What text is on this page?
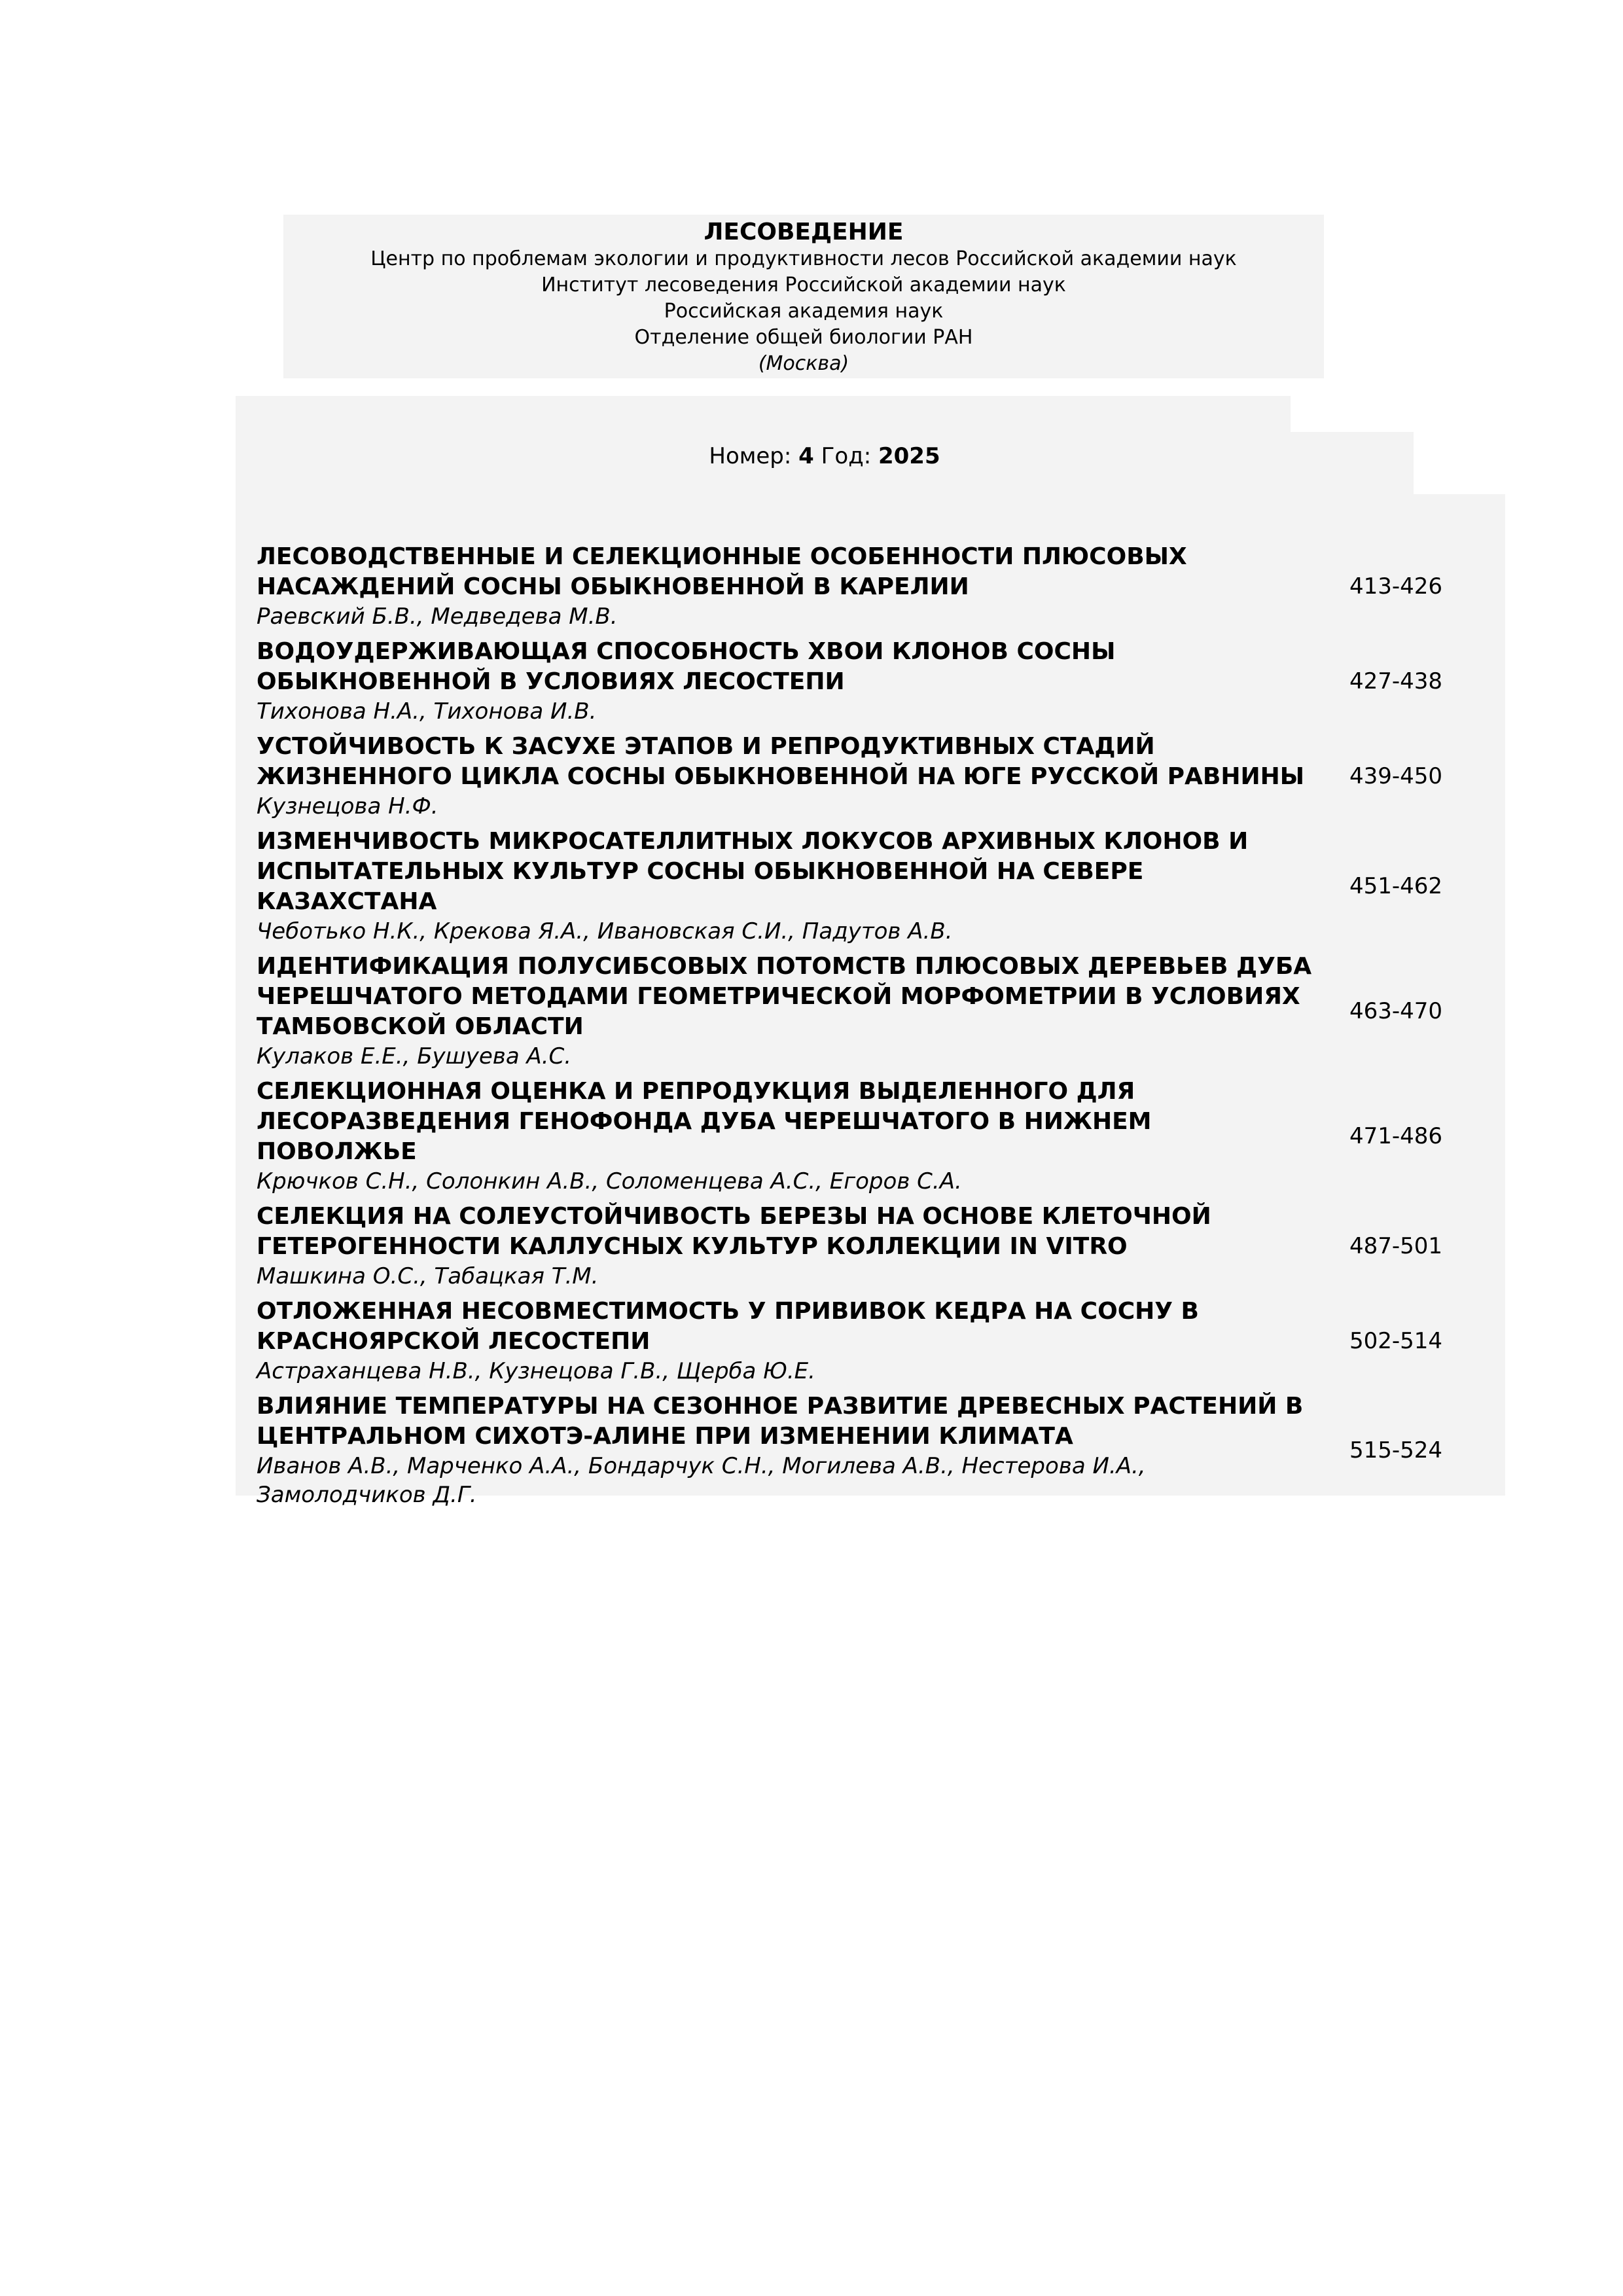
ЛЕСОВЕДЕНИЕ
Центр по проблемам экологии и продуктивности лесов Российской академии наук
Институт лесоведения Российской академии наук
Российская академия наук
Отделение общей биологии РАН
(Москва)
Номер: 4 Год: 2025
ЛЕСОВОДСТВЕННЫЕ И СЕЛЕКЦИОННЫЕ ОСОБЕННОСТИ ПЛЮСОВЫХ НАСАЖДЕНИЙ СОСНЫ ОБЫКНОВЕННОЙ В КАРЕЛИИ
Раевский Б.В., Медведева М.В.
413-426
ВОДОУДЕРЖИВАЮЩАЯ СПОСОБНОСТЬ ХВОИ КЛОНОВ СОСНЫ ОБЫКНОВЕННОЙ В УСЛОВИЯХ ЛЕСОСТЕПИ
Тихонова Н.А., Тихонова И.В.
427-438
УСТОЙЧИВОСТЬ К ЗАСУХЕ ЭТАПОВ И РЕПРОДУКТИВНЫХ СТАДИЙ ЖИЗНЕННОГО ЦИКЛА СОСНЫ ОБЫКНОВЕННОЙ НА ЮГЕ РУССКОЙ РАВНИНЫ
Кузнецова Н.Ф.
439-450
ИЗМЕНЧИВОСТЬ МИКРОСАТЕЛЛИТНЫХ ЛОКУСОВ АРХИВНЫХ КЛОНОВ И ИСПЫТАТЕЛЬНЫХ КУЛЬТУР СОСНЫ ОБЫКНОВЕННОЙ НА СЕВЕРЕ КАЗАХСТАНА
Чеботько Н.К., Крекова Я.А., Ивановская С.И., Падутов А.В.
451-462
ИДЕНТИФИКАЦИЯ ПОЛУСИБСОВЫХ ПОТОМСТВ ПЛЮСОВЫХ ДЕРЕВЬЕВ ДУБА ЧЕРЕШЧАТОГО МЕТОДАМИ ГЕОМЕТРИЧЕСКОЙ МОРФОМЕТРИИ В УСЛОВИЯХ ТАМБОВСКОЙ ОБЛАСТИ
Кулаков Е.Е., Бушуева А.С.
463-470
СЕЛЕКЦИОННАЯ ОЦЕНКА И РЕПРОДУКЦИЯ ВЫДЕЛЕННОГО ДЛЯ ЛЕСОРАЗВЕДЕНИЯ ГЕНОФОНДА ДУБА ЧЕРЕШЧАТОГО В НИЖНЕМ ПОВОЛЖЬЕ
Крючков С.Н., Солонкин А.В., Соломенцева А.С., Егоров С.А.
471-486
СЕЛЕКЦИЯ НА СОЛЕУСТОЙЧИВОСТЬ БЕРЕЗЫ НА ОСНОВЕ КЛЕТОЧНОЙ ГЕТЕРОГЕННОСТИ КАЛЛУСНЫХ КУЛЬТУР КОЛЛЕКЦИИ IN VITRO
Машкина О.С., Табацкая Т.М.
487-501
ОТЛОЖЕННАЯ НЕСОВМЕСТИМОСТЬ У ПРИВИВОК КЕДРА НА СОСНУ В КРАСНОЯРСКОЙ ЛЕСОСТЕПИ
Астраханцева Н.В., Кузнецова Г.В., Щерба Ю.Е.
502-514
ВЛИЯНИЕ ТЕМПЕРАТУРЫ НА СЕЗОННОЕ РАЗВИТИЕ ДРЕВЕСНЫХ РАСТЕНИЙ В ЦЕНТРАЛЬНОМ СИХОТЭ-АЛИНЕ ПРИ ИЗМЕНЕНИИ КЛИМАТА
Иванов А.В., Марченко А.А., Бондарчук С.Н., Могилева А.В., Нестерова И.А., Замолодчиков Д.Г.
515-524
